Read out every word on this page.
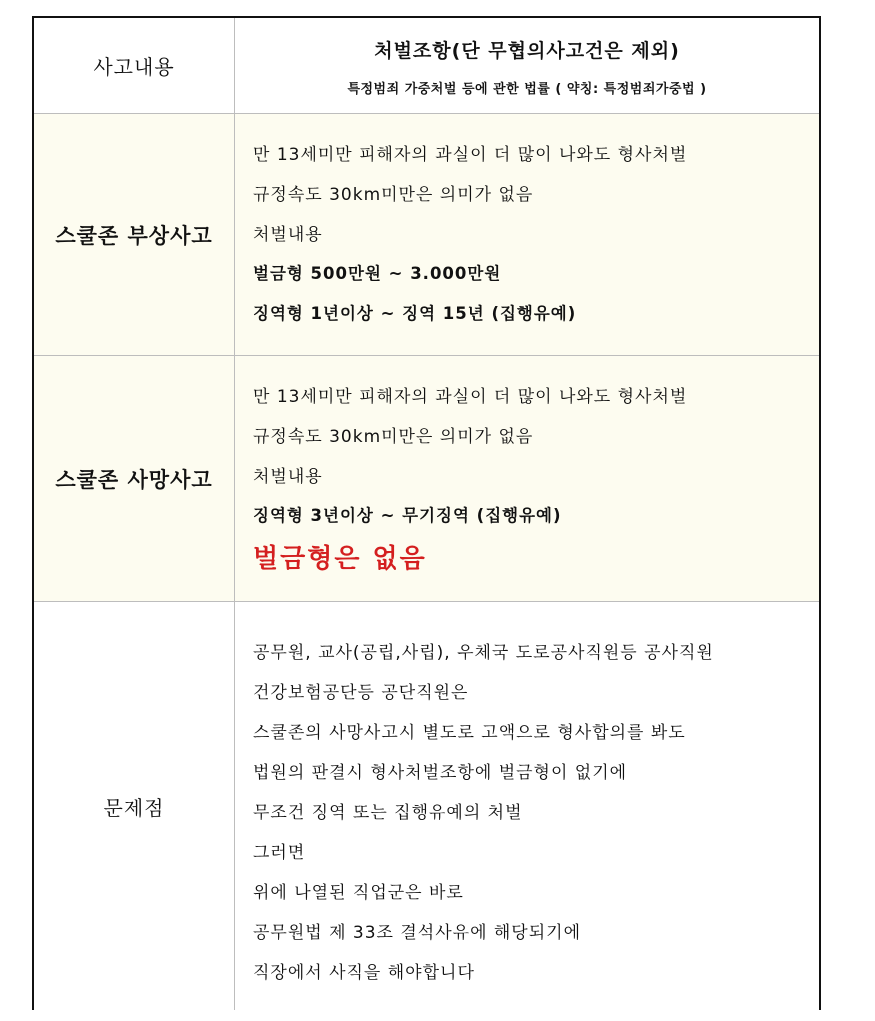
사고내용
처벌조항(단 무협의사고건은 제외)
특정범죄 가중처벌 등에 관한 법률 ( 약칭: 특정범죄가중법 )
스쿨존 부상사고
만 13세미만 피해자의 과실이 더 많이 나와도 형사처벌
규정속도 30km미만은 의미가 없음
처벌내용
벌금형 500만원 ~ 3.000만원
징역형 1년이상 ~ 징역 15년 (집행유예)
스쿨존 사망사고
만 13세미만 피해자의 과실이 더 많이 나와도 형사처벌
규정속도 30km미만은 의미가 없음
처벌내용
징역형 3년이상 ~ 무기징역 (집행유예)
벌금형은 없음
문제점
공무원, 교사(공립,사립), 우체국 도로공사직원등 공사직원
건강보험공단등 공단직원은
스쿨존의 사망사고시 별도로 고액으로 형사합의를 봐도
법원의 판결시 형사처벌조항에 벌금형이 없기에
무조건 징역 또는 집행유예의 처벌
그러면
위에 나열된 직업군은 바로
공무원법 제 33조 결석사유에 해당되기에
직장에서 사직을 해야합니다
